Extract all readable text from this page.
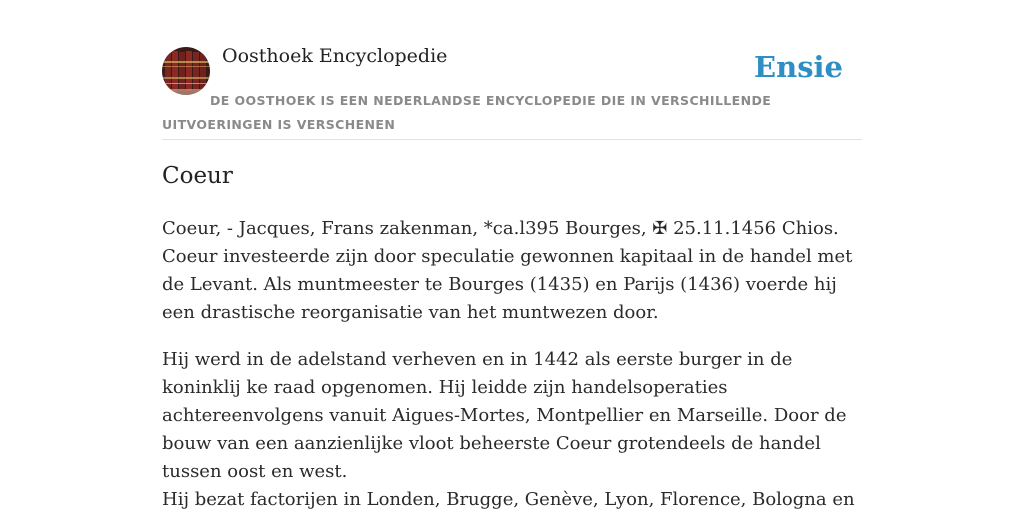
Oosthoek Encyclopedie	Ensie
DE OOSTHOEK IS EEN NEDERLANDSE ENCYCLOPEDIE DIE IN VERSCHILLENDE UITVOERINGEN IS VERSCHENEN
Coeur

Coeur, - Jacques, Frans zakenman, *ca.l395 Bourges, ✠ 25.11.1456 Chios. Coeur investeerde zijn door speculatie gewonnen kapitaal in de handel met de Levant. Als muntmeester te Bourges (1435) en Parijs (1436) voerde hij een drastische reorganisatie van het muntwezen door.

Hij werd in de adelstand verheven en in 1442 als eerste burger in de koninklij ke raad opgenomen. Hij leidde zijn handelsoperaties achtereenvolgens vanuit Aigues-Mortes, Montpellier en Marseille. Door de bouw van een aanzienlijke vloot beheerste Coeur grotendeels de handel tussen oost en west.

Hij bezat factorijen in Londen, Brugge, Genève, Lyon, Florence, Bologna en
